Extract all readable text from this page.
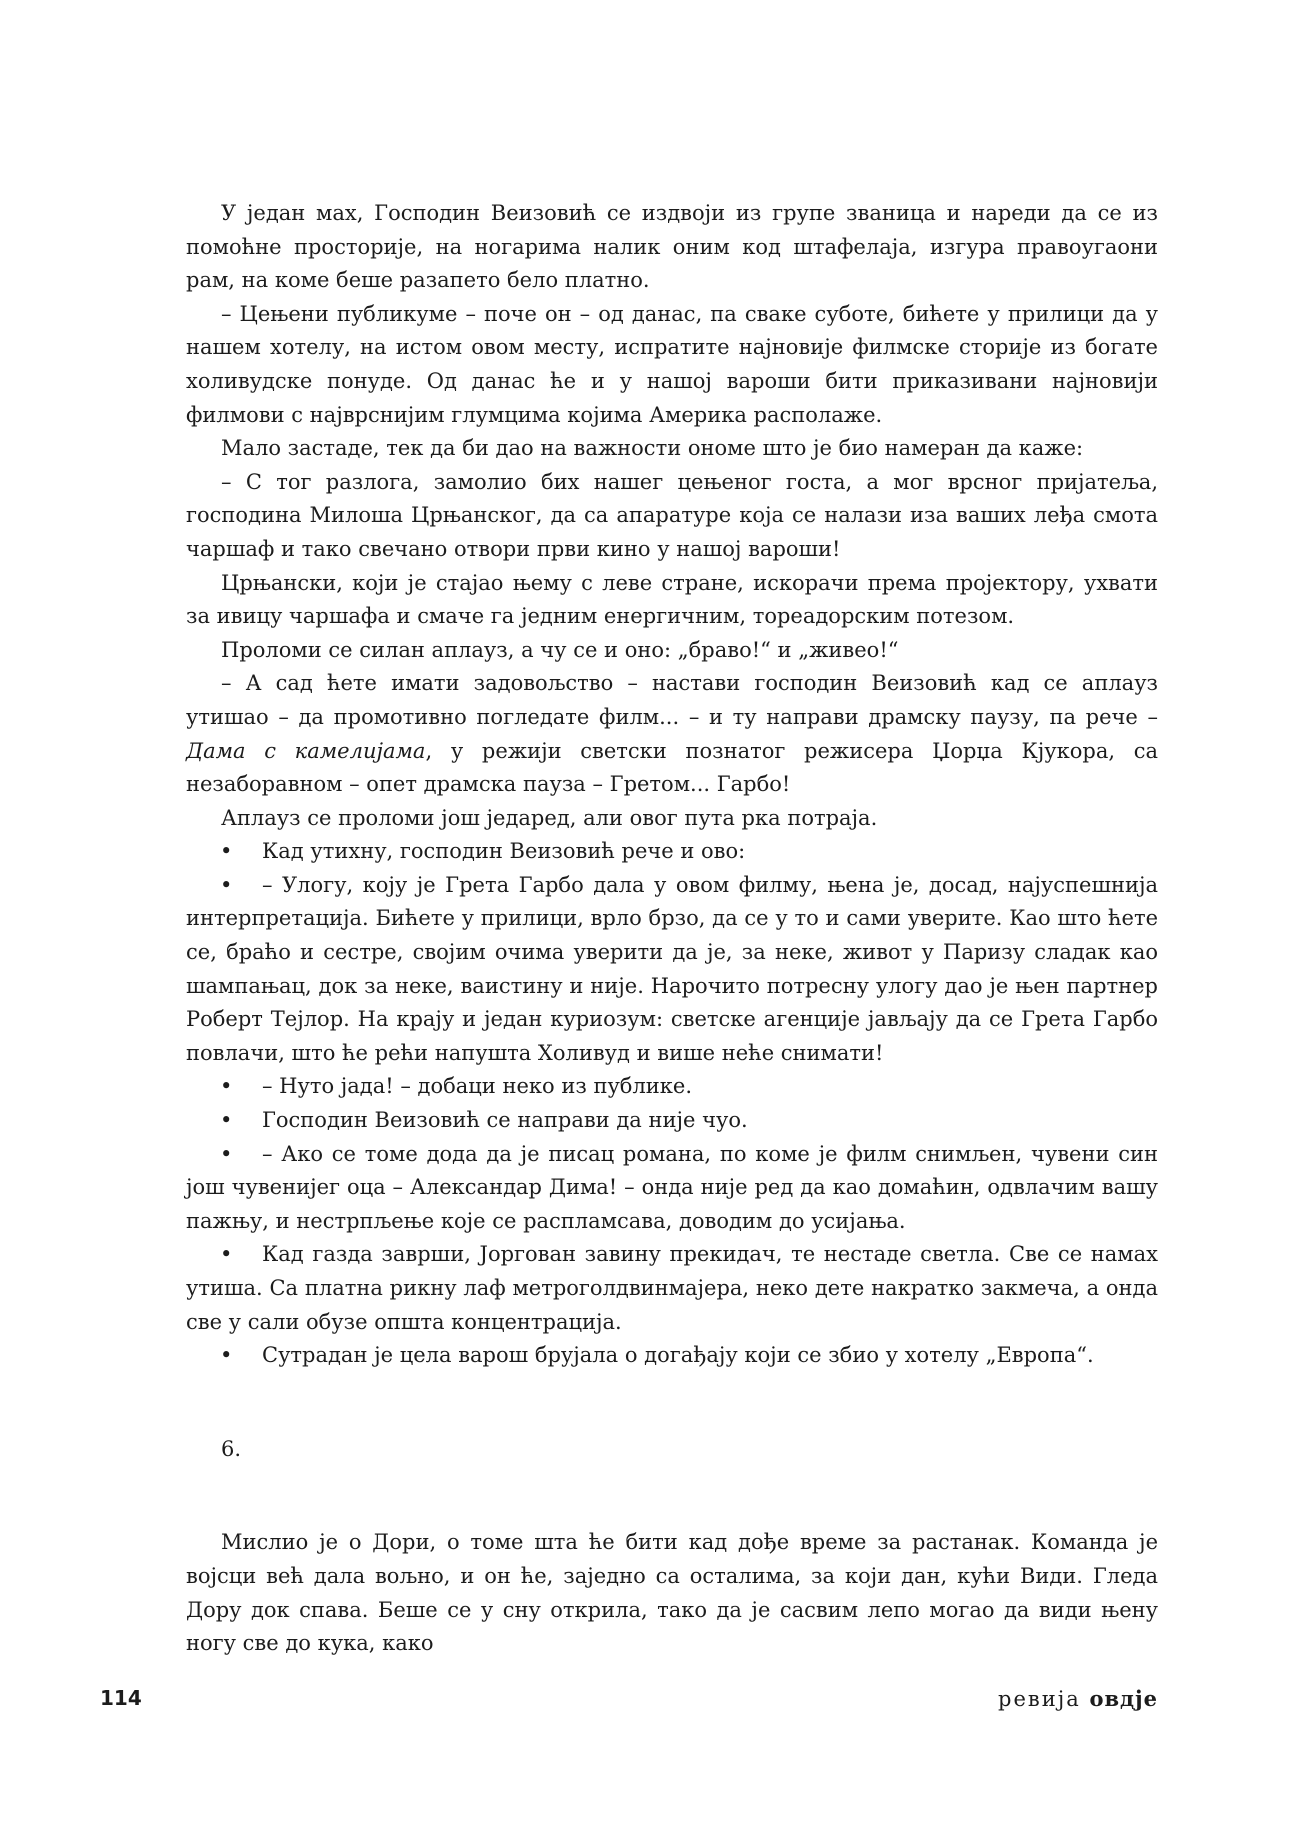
У један мах, Господин Веизовић се издвоји из групе званица и нареди да се из помоћне просторије, на ногарима налик оним код штафелаја, изгура правоугаони рам, на коме беше разапето бело платно.

– Цењени публикуме – поче он – од данас, па сваке суботе, бићете у прилици да у нашем хотелу, на истом овом месту, испратите најновије филмске сторије из богате холивудске понуде. Од данас ће и у нашој вароши бити приказивани најновији филмови с најврснијим глумцима којима Америка располаже.

Мало застаде, тек да би дао на важности ономе што је био намеран да каже:

– С тог разлога, замолио бих нашег цењеног госта, а мог врсног пријатеља, господина Милоша Црњанског, да са апаратуре која се налази иза ваших леђа смота чаршаф и тако свечано отвори први кино у нашој вароши!

Црњански, који је стајао њему с леве стране, искорачи према пројектору, ухвати за ивицу чаршафа и смаче га једним енергичним, тореадорским потезом.

Проломи се силан аплауз, а чу се и оно: „браво!“ и „живео!“

– А сад ћете имати задовољство – настави господин Веизовић кад се аплауз утишао – да промотивно погледате филм... – и ту направи драмску паузу, па рече – Дама с камелијама, у режији светски познатог режисера Џорџа Кјукора, са незаборавном – опет драмска пауза – Гретом... Гарбо!

Аплауз се проломи још једаред, али овог пута рка потраја.

• Кад утихну, господин Веизовић рече и ово:

• – Улогу, коју је Грета Гарбо дала у овом филму, њена је, досад, најуспешнија интерпретација. Бићете у прилици, врло брзо, да се у то и сами уверите. Као што ћете се, браћо и сестре, својим очима уверити да је, за неке, живот у Паризу сладак као шампањац, док за неке, ваистину и није. Нарочито потресну улогу дао је њен партнер Роберт Тејлор. На крају и један куриозум: светске агенције јављају да се Грета Гарбо повлачи, што ће рећи напушта Холивуд и више неће снимати!

• – Нуто јада! – добаци неко из публике.

• Господин Веизовић се направи да није чуо.

• – Ако се томе дода да је писац романа, по коме је филм снимљен, чувени син још чувенијег оца – Александар Дима! – онда није ред да као домаћин, одвлачим вашу пажњу, и нестрпљење које се распламсава, доводим до усијања.

• Кад газда заврши, Јоргован завину прекидач, те нестаде светла. Све се намах утиша. Са платна рикну лаф метроголдвинмајера, неко дете накратко закмеча, а онда све у сали обузе општа концентрација.

• Сутрадан је цела варош брујала о догађају који се збио у хотелу „Европа“.

6.

Мислио је о Дори, о томе шта ће бити кад дође време за растанак. Команда је војсци већ дала вољно, и он ће, заједно са осталима, за који дан, кући Види. Гледа Дору док спава. Беше се у сну открила, тако да је сасвим лепо могао да види њену ногу све до кука, како

114	ревија овдје
